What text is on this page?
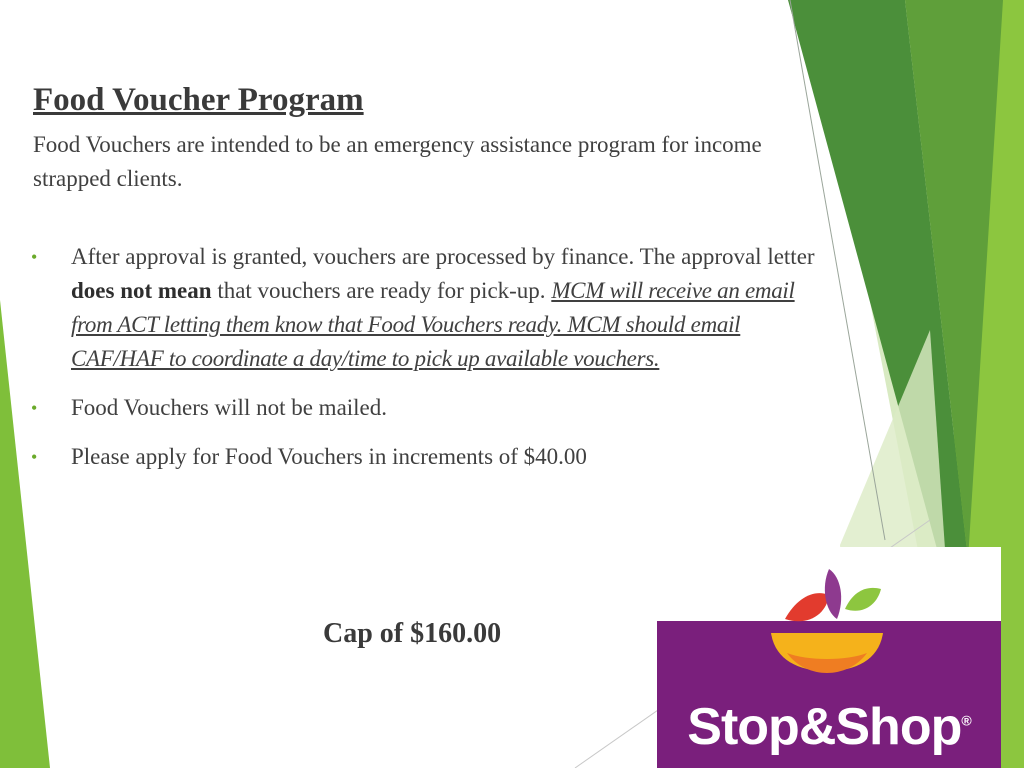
Food Voucher Program
Food Vouchers are intended to be an emergency assistance program for income strapped clients.
• After approval is granted, vouchers are processed by finance. The approval letter does not mean that vouchers are ready for pick-up. MCM will receive an email from ACT letting them know that Food Vouchers ready. MCM should email CAF/HAF to coordinate a day/time to pick up available vouchers.
• Food Vouchers will not be mailed.
• Please apply for Food Vouchers in increments of $40.00
Cap of $160.00
Stop&Shop®
